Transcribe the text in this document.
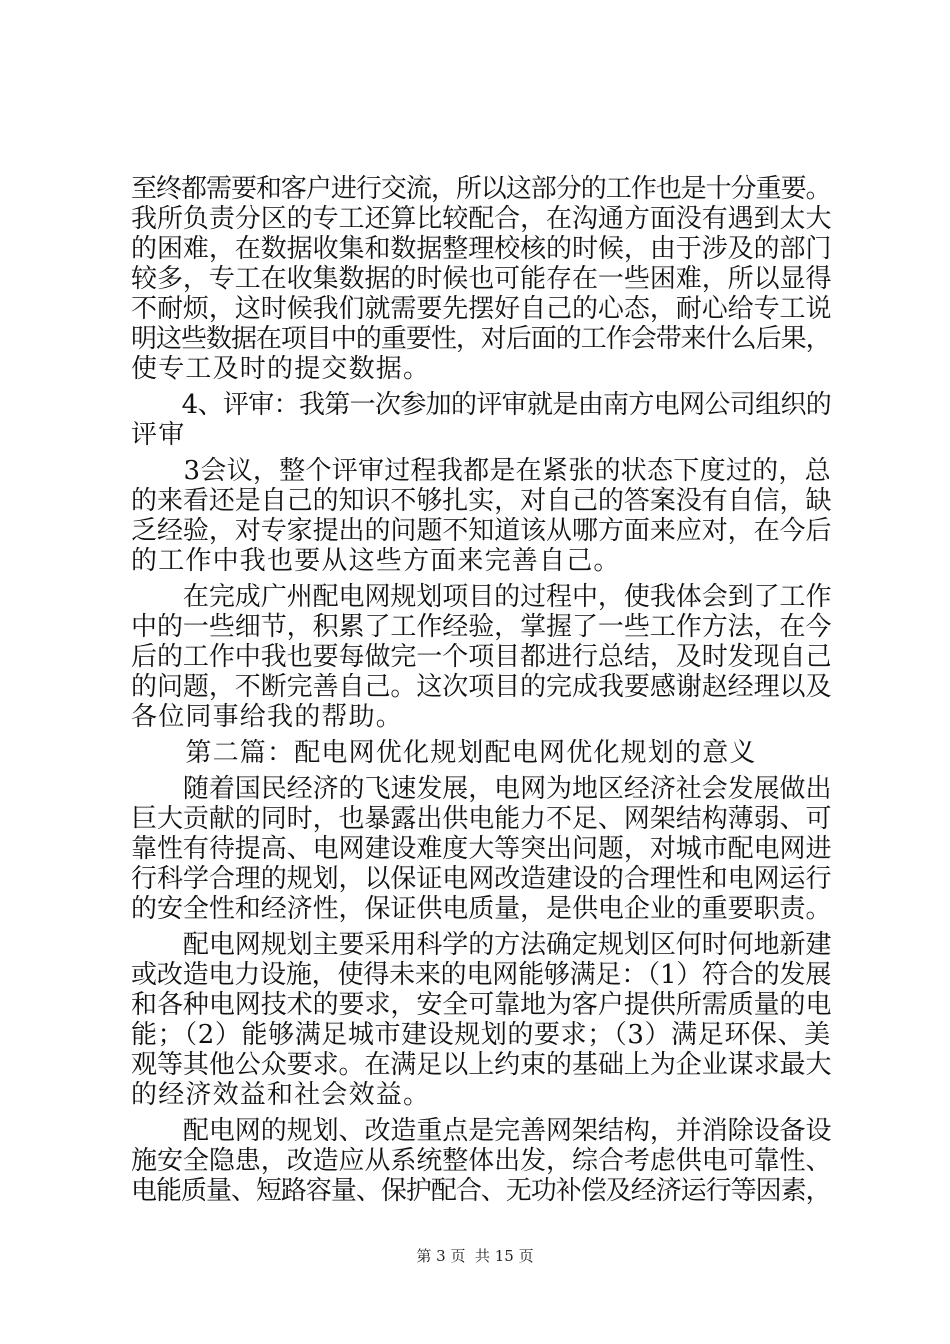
至终都需要和客户进行交流，所以这部分的工作也是十分重要。
我所负责分区的专工还算比较配合，在沟通方面没有遇到太大
的困难，在数据收集和数据整理校核的时候，由于涉及的部门
较多，专工在收集数据的时候也可能存在一些困难，所以显得
不耐烦，这时候我们就需要先摆好自己的心态，耐心给专工说
明这些数据在项目中的重要性，对后面的工作会带来什么后果，
使专工及时的提交数据。
　　4、评审：我第一次参加的评审就是由南方电网公司组织的
评审
　　3会议，整个评审过程我都是在紧张的状态下度过的，总
的来看还是自己的知识不够扎实，对自己的答案没有自信，缺
乏经验，对专家提出的问题不知道该从哪方面来应对，在今后
的工作中我也要从这些方面来完善自己。
　　在完成广州配电网规划项目的过程中，使我体会到了工作
中的一些细节，积累了工作经验，掌握了一些工作方法，在今
后的工作中我也要每做完一个项目都进行总结，及时发现自己
的问题，不断完善自己。这次项目的完成我要感谢赵经理以及
各位同事给我的帮助。
　　第二篇：配电网优化规划配电网优化规划的意义
　　随着国民经济的飞速发展，电网为地区经济社会发展做出
巨大贡献的同时，也暴露出供电能力不足、网架结构薄弱、可
靠性有待提高、电网建设难度大等突出问题，对城市配电网进
行科学合理的规划，以保证电网改造建设的合理性和电网运行
的安全性和经济性，保证供电质量，是供电企业的重要职责。
　　配电网规划主要采用科学的方法确定规划区何时何地新建
或改造电力设施，使得未来的电网能够满足：（1）符合的发展
和各种电网技术的要求，安全可靠地为客户提供所需质量的电
能；（2）能够满足城市建设规划的要求；（3）满足环保、美
观等其他公众要求。在满足以上约束的基础上为企业谋求最大
的经济效益和社会效益。
　　配电网的规划、改造重点是完善网架结构，并消除设备设
施安全隐患，改造应从系统整体出发，综合考虑供电可靠性、
电能质量、短路容量、保护配合、无功补偿及经济运行等因素，
第 3 页  共 15 页
